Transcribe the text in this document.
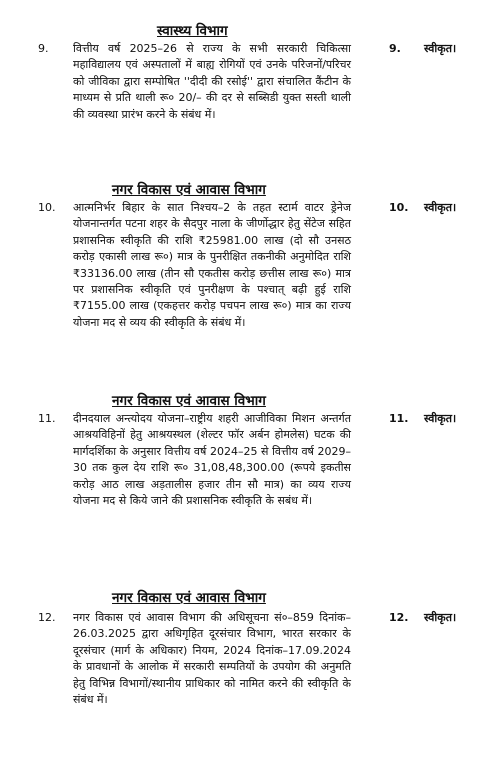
स्वास्थ्य विभाग
9. वित्तीय वर्ष 2025–26 से राज्य के सभी सरकारी चिकित्सा महाविद्यालय एवं अस्पतालों में बाह्य रोगियों एवं उनके परिजनों/परिचर को जीविका द्वारा सम्पोषित ''दीदी की रसोई'' द्वारा संचालित कैंटीन के माध्यम से प्रति थाली रू० 20/– की दर से सब्सिडी युक्त सस्ती थाली की व्यवस्था प्रारंभ करने के संबंध में।
9. स्वीकृत।
नगर विकास एवं आवास विभाग
10. आत्मनिर्भर बिहार के सात निश्चय–2 के तहत स्टार्म वाटर ड्रेनेज योजनान्तर्गत पटना शहर के सैदपुर नाला के जीर्णोद्धार हेतु सेंटेज सहित प्रशासनिक स्वीकृति की राशि ₹25981.00 लाख (दो सौ उनसठ करोड़ एकासी लाख रू०) मात्र के पुनरीक्षित तकनीकी अनुमोदित राशि ₹33136.00 लाख (तीन सौ एकतीस करोड़ छत्तीस लाख रू०) मात्र पर प्रशासनिक स्वीकृति एवं पुनरीक्षण के पश्चात् बढ़ी हुई राशि ₹7155.00 लाख (एकहत्तर करोड़ पचपन लाख रू०) मात्र का राज्य योजना मद से व्यय की स्वीकृति के संबंध में।
10. स्वीकृत।
नगर विकास एवं आवास विभाग
11. दीनदयाल अन्त्योदय योजना–राष्ट्रीय शहरी आजीविका मिशन अन्तर्गत आश्रयविहिनों हेतु आश्रयस्थल (शेल्टर फॉर अर्बन होमलेस) घटक की मार्गदर्शिका के अनुसार वित्तीय वर्ष 2024–25 से वित्तीय वर्ष 2029–30 तक कुल देय राशि रू० 31,08,48,300.00 (रूपये इकतीस करोड़ आठ लाख अड़तालीस हजार तीन सौ मात्र) का व्यय राज्य योजना मद से किये जाने की प्रशासनिक स्वीकृति के सबंध में।
11. स्वीकृत।
नगर विकास एवं आवास विभाग
12. नगर विकास एवं आवास विभाग की अधिसूचना सं०–859 दिनांक–26.03.2025 द्वारा अधिगृहित दूरसंचार विभाग, भारत सरकार के दूरसंचार (मार्ग के अधिकार) नियम, 2024 दिनांक–17.09.2024 के प्रावधानों के आलोक में सरकारी सम्पतियों के उपयोग की अनुमति हेतु विभिन्न विभागों/स्थानीय प्राधिकार को नामित करने की स्वीकृति के संबंध में।
12. स्वीकृत।
